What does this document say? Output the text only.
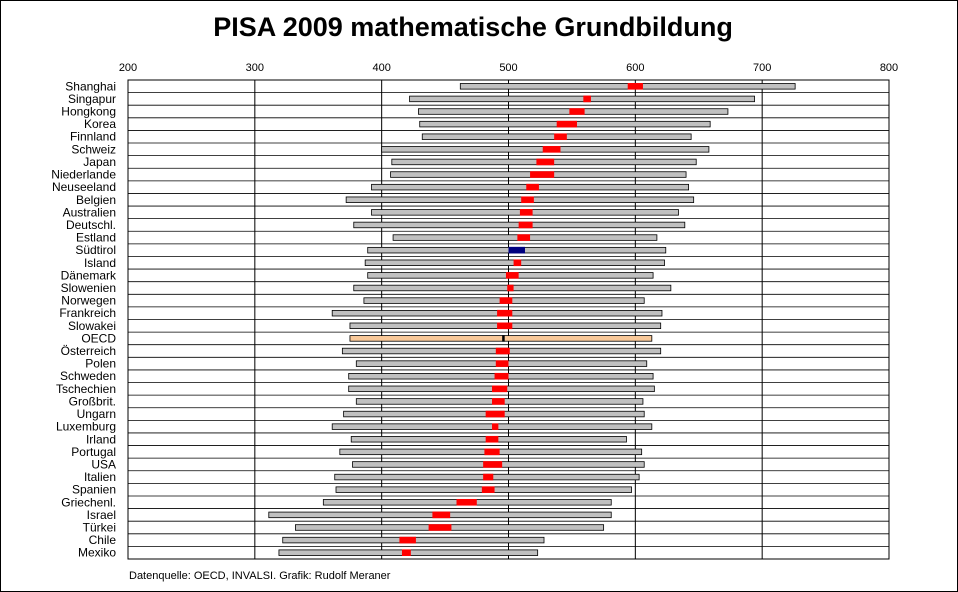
PISA 2009 mathematische Grundbildung
200	300	400	500	600	700	800
Shanghai
Singapur
Hongkong
Korea
Finnland
Schweiz
Japan
Niederlande
Neuseeland
Belgien
Australien
Deutschl.
Estland
Südtirol
Island
Dänemark
Slowenien
Norwegen
Frankreich
Slowakei
OECD
Österreich
Polen
Schweden
Tschechien
Großbrit.
Ungarn
Luxemburg
Irland
Portugal
USA
Italien
Spanien
Griechenl.
Israel
Türkei
Chile
Mexiko
Datenquelle: OECD, INVALSI. Grafik: Rudolf Meraner
